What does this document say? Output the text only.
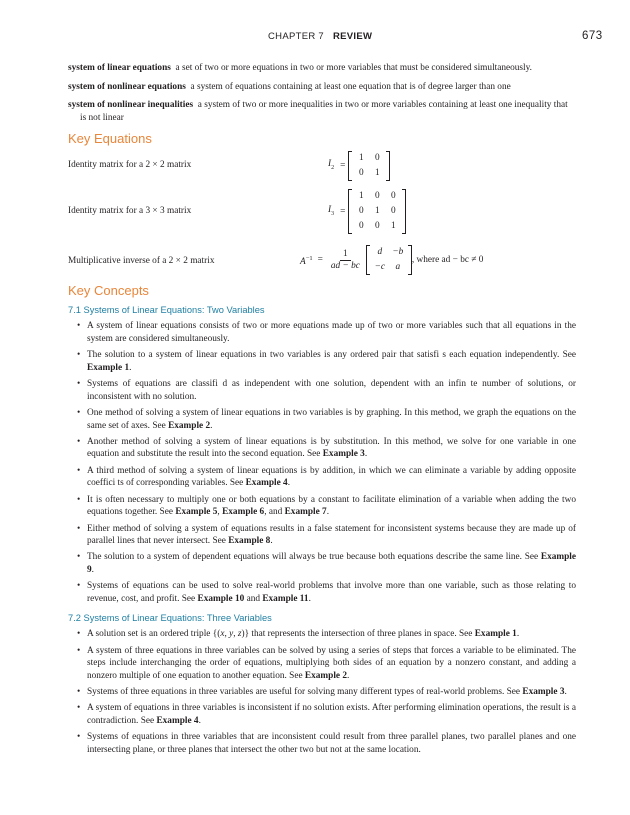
CHAPTER 7 REVIEW	673

system of linear equations a set of two or more equations in two or more variables that must be considered simultaneously.

system of nonlinear equations a system of equations containing at least one equation that is of degree larger than one

system of nonlinear inequalities a system of two or more inequalities in two or more variables containing at least one inequality that is not linear

Key Equations
Identity matrix for a 2 × 2 matrix	$I_2$ =
1	0
0	1
Identity matrix for a 3 × 3 matrix	$I_3$ =
1	0	0
0	1	0
0	0	1
Multiplicative inverse of a 2 × 2 matrix	$A^{-1} = \frac{1}{ad - bc}$	d	−b
−c	a
, where ad − bc ≠ 0
Key Concepts
7.1 Systems of Linear Equations: Two Variables
• A system of linear equations consists of two or more equations made up of two or more variables such that all equations in the system are considered simultaneously.
• The solution to a system of linear equations in two variables is any ordered pair that satisfi s each equation independently. See Example 1.
• Systems of equations are classifi d as independent with one solution, dependent with an infin te number of solutions, or inconsistent with no solution.
• One method of solving a system of linear equations in two variables is by graphing. In this method, we graph the equations on the same set of axes. See Example 2.
• Another method of solving a system of linear equations is by substitution. In this method, we solve for one variable in one equation and substitute the result into the second equation. See Example 3.
• A third method of solving a system of linear equations is by addition, in which we can eliminate a variable by adding opposite coeffici ts of corresponding variables. See Example 4.
• It is often necessary to multiply one or both equations by a constant to facilitate elimination of a variable when adding the two equations together. See Example 5, Example 6, and Example 7.
• Either method of solving a system of equations results in a false statement for inconsistent systems because they are made up of parallel lines that never intersect. See Example 8.
• The solution to a system of dependent equations will always be true because both equations describe the same line. See Example 9.
• Systems of equations can be used to solve real-world problems that involve more than one variable, such as those relating to revenue, cost, and profit. See Example 10 and Example 11.
7.2 Systems of Linear Equations: Three Variables
• A solution set is an ordered triple {(x, y, z)} that represents the intersection of three planes in space. See Example 1.
• A system of three equations in three variables can be solved by using a series of steps that forces a variable to be eliminated. The steps include interchanging the order of equations, multiplying both sides of an equation by a nonzero constant, and adding a nonzero multiple of one equation to another equation. See Example 2.
• Systems of three equations in three variables are useful for solving many different types of real-world problems. See Example 3.
• A system of equations in three variables is inconsistent if no solution exists. After performing elimination operations, the result is a contradiction. See Example 4.
• Systems of equations in three variables that are inconsistent could result from three parallel planes, two parallel planes and one intersecting plane, or three planes that intersect the other two but not at the same location.
